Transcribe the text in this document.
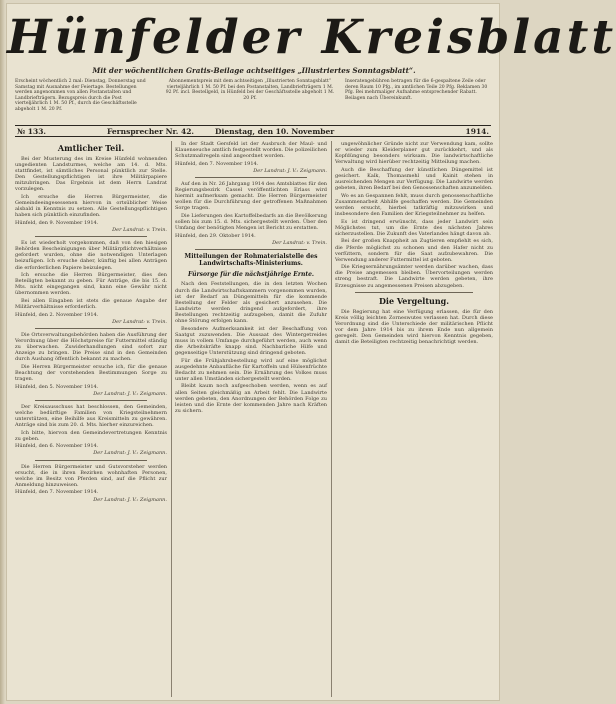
Hünfelder Kreisblatt
Mit der wöchentlichen Gratis-Beilage achtseitiges „Illustriertes Sonntagsblatt“.
Erscheint wöchentlich 2 mal: Dienstag, Donnerstag und Samstag mit Ausnahme der Feiertage. Bestellungen werden angenommen von allen Postanstalten und Landbriefträgern. Bezugspreis durch die Post vierteljährlich 1 M. 50 Pf., durch die Geschäftsstelle abgeholt 1 M. 20 Pf.
Abonnementspreis mit dem achtseitigen „Illustrierten Sonntagsblatt“ vierteljährlich 1 M. 50 Pf. bei den Postanstalten, Landbriefträgern 1 M. 92 Pf. incl. Bestellgeld, in Hünfeld bei der Geschäftsstelle abgeholt 1 M. 20 Pf.
Inseratengebühren betragen für die 6-gespaltene Zeile oder deren Raum 10 Pfg., im amtlichen Teile 20 Pfg. Reklamen 30 Pfg. Bei mehrmaliger Aufnahme entsprechender Rabatt. Beilagen nach Übereinkunft.
№ 133.	Fernsprecher Nr. 42.	Dienstag, den 10. November	1914.
Amtlicher Teil.
Bei der Musterung des im Kreise Hünfeld wohnenden ungedienten Landsturmes, welche am 14. d. Mts. stattfindet, ist sämtliches Personal pünktlich zur Stelle. Den Gestellungspflichtigen ist ihre Militärpapiere mitzubringen. Das Ergebnis ist dem Herrn Landrat vorzulegen.
Ich ersuche die Herren Bürgermeister, die Gemeindeeingesessenen hiervon in ortsüblicher Weise alsbald in Kenntnis zu setzen. Alle Gestellungspflichtigen haben sich pünktlich einzufinden.
Hünfeld, den 9. November 1914.
Der Landrat: v. Trein.
Es ist wiederholt vorgekommen, daß von den hiesigen Behörden Bescheinigungen über Militärpflichtverhältnisse gefordert wurden, ohne die notwendigen Unterlagen beizufügen. Ich ersuche daher, künftig bei allen Anträgen die erforderlichen Papiere beizulegen.
Ich ersuche die Herren Bürgermeister, dies den Beteiligten bekannt zu geben. Für Anträge, die bis 15. d. Mts. nicht eingegangen sind, kann eine Gewähr nicht übernommen werden.
Bei allen Eingaben ist stets die genaue Angabe der Militärverhältnisse erforderlich.
Hünfeld, den 2. November 1914.
Der Landrat: v. Trein.
Die Ortsverwaltungsbehörden haben die Ausführung der Verordnung über die Höchstpreise für Futtermittel ständig zu überwachen. Zuwiderhandlungen sind sofort zur Anzeige zu bringen. Die Preise sind in den Gemeinden durch Aushang öffentlich bekannt zu machen.
Die Herren Bürgermeister ersuche ich, für die genaue Beachtung der vorstehenden Bestimmungen Sorge zu tragen.
Hünfeld, den 5. November 1914.
Der Landrat: J. V.: Zeigmann.
Der Kreisausschuss hat beschlossen, den Gemeinden, welche bedürftige Familien von Kriegsteilnehmern unterstützen, eine Beihilfe aus Kreismitteln zu gewähren. Anträge sind bis zum 20. d. Mts. hierher einzureichen.
Ich bitte, hiervon den Gemeindevertretungen Kenntnis zu geben.
Hünfeld, den 6. November 1914.
Der Landrat: J. V.: Zeigmann.
Die Herren Bürgermeister und Gutsvorsteher werden ersucht, die in ihren Bezirken wohnhaften Personen, welche im Besitz von Pferden sind, auf die Pflicht zur Anmeldung hinzuweisen.
Hünfeld, den 7. November 1914.
Der Landrat: J. V.: Zeigmann.
In der Stadt Gersfeld ist der Ausbruch der Maul- und Klauenseuche amtlich festgestellt worden. Die polizeilichen Schutzmaßregeln sind angeordnet worden.
Hünfeld, den 7. November 1914.
Der Landrat: J. V.: Zeigmann.
Auf den in Nr. 26 Jahrgang 1914 des Amtsblattes für den Regierungsbezirk Cassel veröffentlichten Erlass wird hiermit aufmerksam gemacht. Die Herren Bürgermeister wollen für die Durchführung der getroffenen Maßnahmen Sorge tragen.
Die Lieferungen des Kartoffelbedarfs an die Bevölkerung sollen bis zum 15. d. Mts. sichergestellt werden. Über den Umfang der benötigten Mengen ist Bericht zu erstatten.
Hünfeld, den 29. Oktober 1914.
Der Landrat: v. Trein.
Mitteilungen der Rohmaterialstelle des Landwirtschafts-Ministeriums.
Fürsorge für die nächstjährige Ernte.
Nach den Feststellungen, die in den letzten Wochen durch die Landwirtschaftskammern vorgenommen wurden, ist der Bedarf an Düngemitteln für die kommende Bestellung der Felder als gesichert anzusehen. Die Landwirte werden dringend aufgefordert, ihre Bestellungen rechtzeitig aufzugeben, damit die Zufuhr ohne Störung erfolgen kann.
Besondere Aufmerksamkeit ist der Beschaffung von Saatgut zuzuwenden. Die Aussaat des Wintergetreides muss in vollem Umfange durchgeführt werden, auch wenn die Arbeitskräfte knapp sind. Nachbarliche Hilfe und gegenseitige Unterstützung sind dringend geboten.
Für die Frühjahrsbestellung wird auf eine möglichst ausgedehnte Anbaufläche für Kartoffeln und Hülsenfrüchte Bedacht zu nehmen sein. Die Ernährung des Volkes muss unter allen Umständen sichergestellt werden.
Bleibt kaum noch aufgeschoben werden, wenn es auf allen Seiten gleichmäßig an Arbeit fehlt. Die Landwirte werden gebeten, den Anordnungen der Behörden Folge zu leisten und die Ernte der kommenden Jahre nach Kräften zu sichern.
ungewöhnlicher Gründe nicht zur Verwendung kam, sollte er wieder zum Kleiderplaner gut zurückkehrt, und als Kopfdüngung besonders wirksam. Die landwirtschaftliche Verwaltung wird hierüber rechtzeitig Mitteilung machen.
Auch die Beschaffung der künstlichen Düngemittel ist gesichert. Kalk, Thomasmehl und Kainit stehen in ausreichenden Mengen zur Verfügung. Die Landwirte werden gebeten, ihren Bedarf bei den Genossenschaften anzumelden.
Wo es an Gespannen fehlt, muss durch genossenschaftliche Zusammenarbeit Abhilfe geschaffen werden. Die Gemeinden werden ersucht, hierbei tatkräftig mitzuwirken und insbesondere den Familien der Kriegsteilnehmer zu helfen.
Es ist dringend erwünscht, dass jeder Landwirt sein Möglichstes tut, um die Ernte des nächsten Jahres sicherzustellen. Die Zukunft des Vaterlandes hängt davon ab.
Bei der großen Knappheit an Zugtieren empfiehlt es sich, die Pferde möglichst zu schonen und den Hafer nicht zu verfüttern, sondern für die Saat aufzubewahren. Die Verwendung anderer Futtermittel ist geboten.
Die Kriegsernährungsämter werden darüber wachen, dass die Preise angemessen bleiben. Übervorteilungen werden streng bestraft. Die Landwirte werden gebeten, ihre Erzeugnisse zu angemessenen Preisen abzugeben.
Die Vergeltung.
Die Regierung hat eine Verfügung erlassen, die für den Kreis völlig leichten Zorneswutes verlassen hat. Durch diese Verordnung sind die Unterschiede der militärischen Pflicht vor dem Jahre 1914 bis zu ihrem Ende nun allgemein geregelt. Den Gemeinden wird hiervon Kenntnis gegeben, damit die Beteiligten rechtzeitig benachrichtigt werden.
